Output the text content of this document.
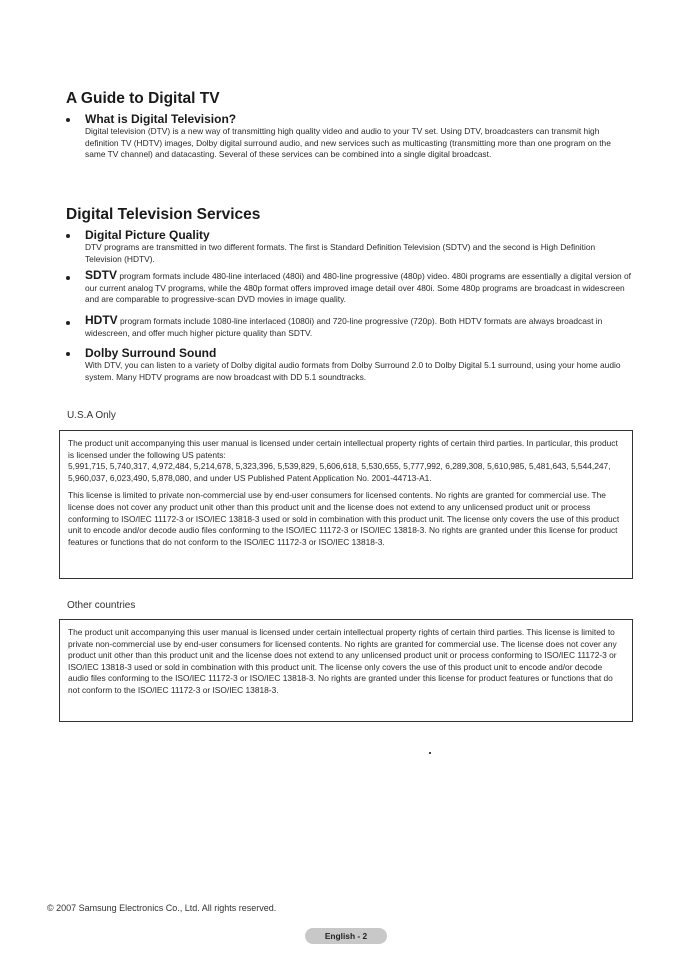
A Guide to Digital TV
What is Digital Television?
Digital television (DTV) is a new way of transmitting high quality video and audio to your TV set. Using DTV, broadcasters can transmit high definition TV (HDTV) images, Dolby digital surround audio, and new services such as multicasting (transmitting more than one program on the same TV channel) and datacasting. Several of these services can be combined into a single digital broadcast.
Digital Television Services
Digital Picture Quality
DTV programs are transmitted in two different formats. The first is Standard Definition Television (SDTV) and the second is High Definition Television (HDTV).
SDTV program formats include 480-line interlaced (480i) and 480-line progressive (480p) video. 480i programs are essentially a digital version of our current analog TV programs, while the 480p format offers improved image detail over 480i. Some 480p programs are broadcast in widescreen and are comparable to progressive-scan DVD movies in image quality.
HDTV program formats include 1080-line interlaced (1080i) and 720-line progressive (720p). Both HDTV formats are always broadcast in widescreen, and offer much higher picture quality than SDTV.
Dolby Surround Sound
With DTV, you can listen to a variety of Dolby digital audio formats from Dolby Surround 2.0 to Dolby Digital 5.1 surround, using your home audio system. Many HDTV programs are now broadcast with DD 5.1 soundtracks.
U.S.A Only

The product unit accompanying this user manual is licensed under certain intellectual property rights of certain third parties. In particular, this product is licensed under the following US patents:

5,991,715, 5,740,317, 4,972,484, 5,214,678, 5,323,396, 5,539,829, 5,606,618, 5,530,655, 5,777,992, 6,289,308, 5,610,985, 5,481,643, 5,544,247, 5,960,037, 6,023,490, 5,878,080, and under US Published Patent Application No. 2001-44713-A1.

This license is limited to private non-commercial use by end-user consumers for licensed contents. No rights are granted for commercial use. The license does not cover any product unit other than this product unit and the license does not extend to any unlicensed product unit or process conforming to ISO/IEC 11172-3 or ISO/IEC 13818-3 used or sold in combination with this product unit. The license only covers the use of this product unit to encode and/or decode audio files conforming to the ISO/IEC 11172-3 or ISO/IEC 13818-3. No rights are granted under this license for product features or functions that do not conform to the ISO/IEC 11172-3 or ISO/IEC 13818-3.

Other countries

The product unit accompanying this user manual is licensed under certain intellectual property rights of certain third parties. This license is limited to private non-commercial use by end-user consumers for licensed contents. No rights are granted for commercial use. The license does not cover any product unit other than this product unit and the license does not extend to any unlicensed product unit or process conforming to ISO/IEC 11172-3 or ISO/IEC 13818-3 used or sold in combination with this product unit. The license only covers the use of this product unit to encode and/or decode audio files conforming to the ISO/IEC 11172-3 or ISO/IEC 13818-3. No rights are granted under this license for product features or functions that do not conform to the ISO/IEC 11172-3 or ISO/IEC 13818-3.

© 2007 Samsung Electronics Co., Ltd. All rights reserved.
English - 2
